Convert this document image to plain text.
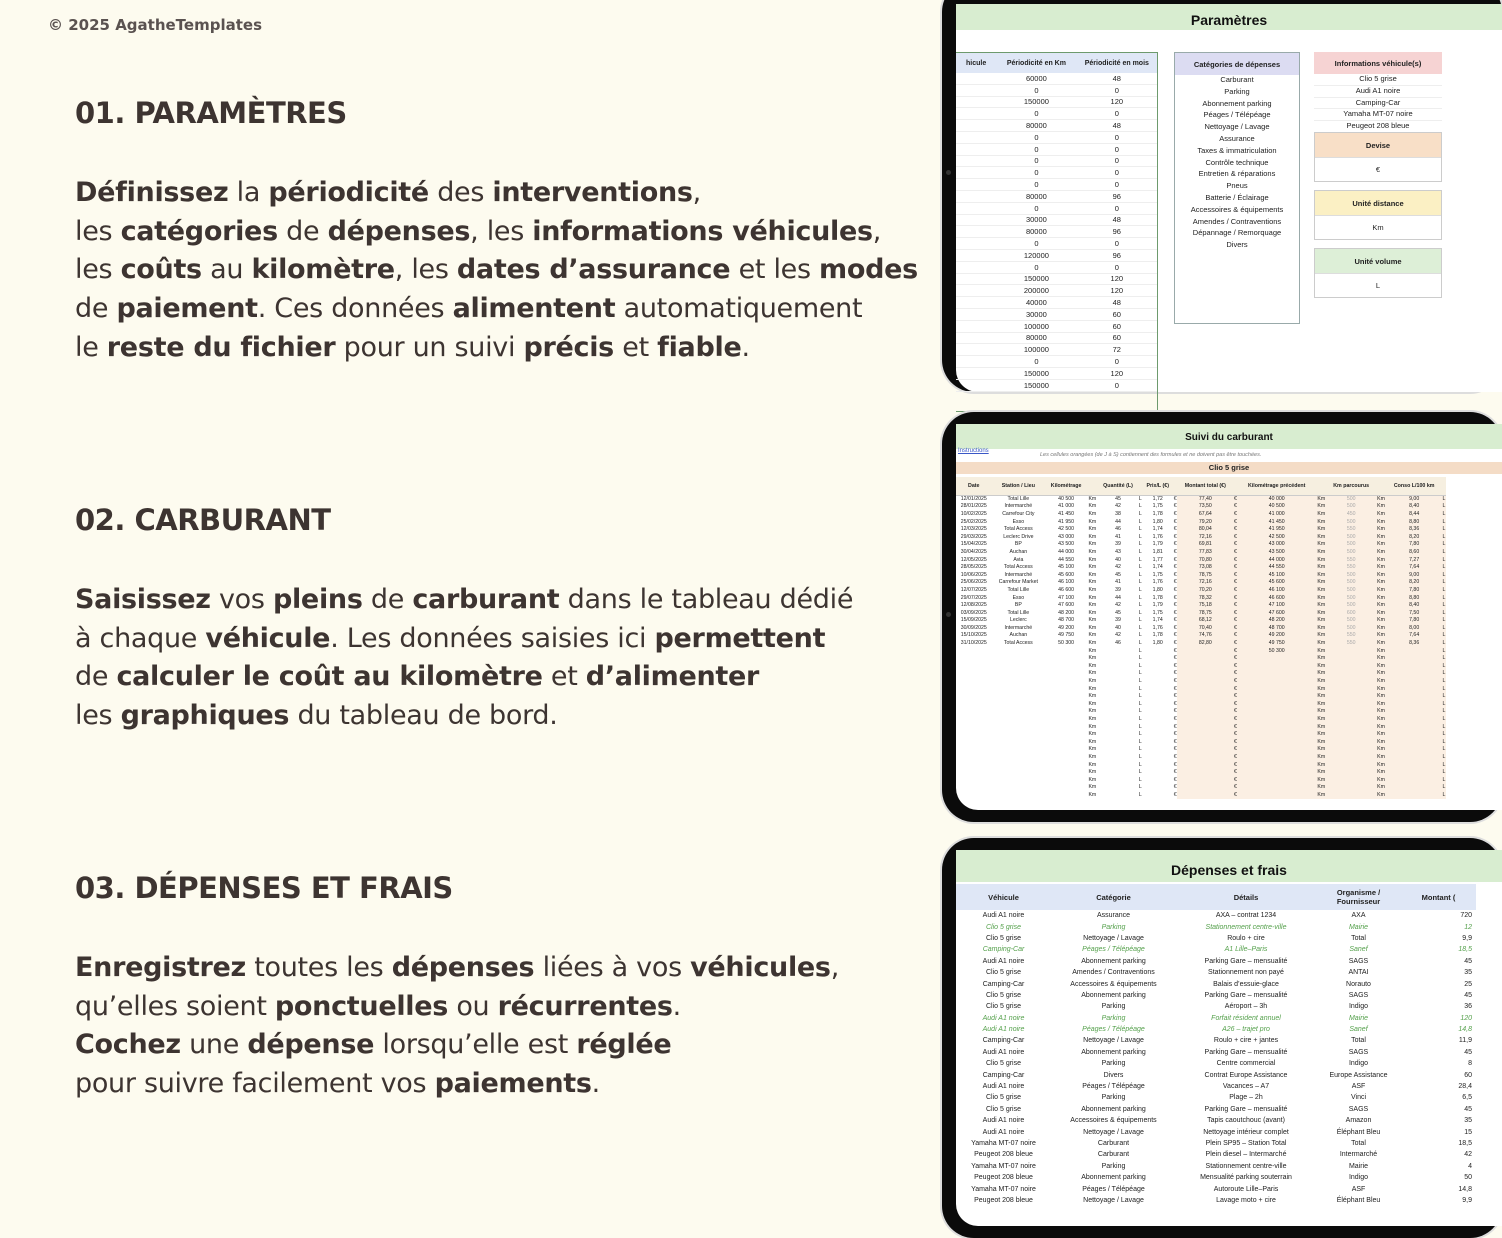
© 2025 AgatheTemplates
01. PARAMÈTRES
Définissez la périodicité des interventions,
les catégories de dépenses, les informations véhicules,
les coûts au kilomètre, les dates d’assurance et les modes
de paiement. Ces données alimentent automatiquement
le reste du fichier pour un suivi précis et fiable.
02. CARBURANT
Saisissez vos pleins de carburant dans le tableau dédié
à chaque véhicule. Les données saisies ici permettent
de calculer le coût au kilomètre et d’alimenter
les graphiques du tableau de bord.
03. DÉPENSES ET FRAIS
Enregistrez toutes les dépenses liées à vos véhicules,
qu’elles soient ponctuelles ou récurrentes.
Cochez une dépense lorsqu’elle est réglée
pour suivre facilement vos paiements.
Paramètres
hicule	Périodicité en Km	Périodicité en mois
60000	48
0	0
150000	120
0	0
80000	48
0	0
0	0
0	0
0	0
0	0
80000	96
0	0
30000	48
80000	96
0	0
120000	96
0	0
150000	120
200000	120
40000	48
30000	60
100000	60
80000	60
100000	72
0	0
150000	120
150000	0
Catégories de dépenses
Carburant
Parking
Abonnement parking
Péages / Télépéage
Nettoyage / Lavage
Assurance
Taxes & immatriculation
Contrôle technique
Entretien & réparations
Pneus
Batterie / Éclairage
Accessoires & équipements
Amendes / Contraventions
Dépannage / Remorquage
Divers
Informations véhicule(s)
Clio 5 grise
Audi A1 noire
Camping-Car
Yamaha MT-07 noire
Peugeot 208 bleue
Devise
€
Unité distance
Km
Unité volume
L
Suivi du carburant
Instructions
Les cellules orangées (de J à S) contiennent des formules et ne doivent pas être touchées.
Clio 5 grise
Date	Station / Lieu	Kilométrage		Quantité (L)		Prix/L (€)		Montant total (€)		Kilométrage précédent		Km parcourus		Conso L/100 km	
12/01/2025	Total Lille	40 500	Km	45	L	1,72	€	77,40	€	40 000	Km	500	Km	9,00	L
28/01/2025	Intermarché	41 000	Km	42	L	1,75	€	73,50	€	40 500	Km	500	Km	8,40	L
10/02/2025	Carrefour City	41 450	Km	38	L	1,78	€	67,64	€	41 000	Km	450	Km	8,44	L
25/02/2025	Esso	41 950	Km	44	L	1,80	€	79,20	€	41 450	Km	500	Km	8,80	L
12/03/2025	Total Access	42 500	Km	46	L	1,74	€	80,04	€	41 950	Km	550	Km	8,36	L
29/03/2025	Leclerc Drive	43 000	Km	41	L	1,76	€	72,16	€	42 500	Km	500	Km	8,20	L
15/04/2025	BP	43 500	Km	39	L	1,79	€	69,81	€	43 000	Km	500	Km	7,80	L
30/04/2025	Auchan	44 000	Km	43	L	1,81	€	77,83	€	43 500	Km	500	Km	8,60	L
12/05/2025	Avia	44 550	Km	40	L	1,77	€	70,80	€	44 000	Km	550	Km	7,27	L
28/05/2025	Total Access	45 100	Km	42	L	1,74	€	73,08	€	44 550	Km	550	Km	7,64	L
10/06/2025	Intermarché	45 600	Km	45	L	1,75	€	78,75	€	45 100	Km	500	Km	9,00	L
25/06/2025	Carrefour Market	46 100	Km	41	L	1,76	€	72,16	€	45 600	Km	500	Km	8,20	L
12/07/2025	Total Lille	46 600	Km	39	L	1,80	€	70,20	€	46 100	Km	500	Km	7,80	L
29/07/2025	Esso	47 100	Km	44	L	1,78	€	78,32	€	46 600	Km	500	Km	8,80	L
12/08/2025	BP	47 600	Km	42	L	1,79	€	75,18	€	47 100	Km	500	Km	8,40	L
03/09/2025	Total Lille	48 200	Km	45	L	1,75	€	78,75	€	47 600	Km	600	Km	7,50	L
15/09/2025	Leclerc	48 700	Km	39	L	1,74	€	68,12	€	48 200	Km	500	Km	7,80	L
30/09/2025	Intermarché	49 200	Km	40	L	1,76	€	70,40	€	48 700	Km	500	Km	8,00	L
15/10/2025	Auchan	49 750	Km	42	L	1,78	€	74,76	€	49 200	Km	550	Km	7,64	L
31/10/2025	Total Access	50 300	Km	46	L	1,80	€	82,80	€	49 750	Km	550	Km	8,36	L
			Km		L		€		€	50 300	Km		Km		L
			Km		L		€		€		Km		Km		L
			Km		L		€		€		Km		Km		L
			Km		L		€		€		Km		Km		L
			Km		L		€		€		Km		Km		L
			Km		L		€		€		Km		Km		L
			Km		L		€		€		Km		Km		L
			Km		L		€		€		Km		Km		L
			Km		L		€		€		Km		Km		L
			Km		L		€		€		Km		Km		L
			Km		L		€		€		Km		Km		L
			Km		L		€		€		Km		Km		L
			Km		L		€		€		Km		Km		L
			Km		L		€		€		Km		Km		L
			Km		L		€		€		Km		Km		L
			Km		L		€		€		Km		Km		L
			Km		L		€		€		Km		Km		L
			Km		L		€		€		Km		Km		L
			Km		L		€		€		Km		Km		L
			Km		L		€		€		Km		Km		L
Dépenses et frais
Véhicule	Catégorie	Détails	Organisme / Fournisseur	Montant (
Audi A1 noire	Assurance	AXA – contrat 1234	AXA	720
Clio 5 grise	Parking	Stationnement centre-ville	Mairie	12
Clio 5 grise	Nettoyage / Lavage	Roulo + cire	Total	9,9
Camping-Car	Péages / Télépéage	A1 Lille–Paris	Sanef	18,5
Audi A1 noire	Abonnement parking	Parking Gare – mensualité	SAGS	45
Clio 5 grise	Amendes / Contraventions	Stationnement non payé	ANTAI	35
Camping-Car	Accessoires & équipements	Balais d’essuie-glace	Norauto	25
Clio 5 grise	Abonnement parking	Parking Gare – mensualité	SAGS	45
Clio 5 grise	Parking	Aéroport – 3h	Indigo	36
Audi A1 noire	Parking	Forfait résident annuel	Mairie	120
Audi A1 noire	Péages / Télépéage	A26 – trajet pro	Sanef	14,8
Camping-Car	Nettoyage / Lavage	Roulo + cire + jantes	Total	11,9
Audi A1 noire	Abonnement parking	Parking Gare – mensualité	SAGS	45
Clio 5 grise	Parking	Centre commercial	Indigo	8
Camping-Car	Divers	Contrat Europe Assistance	Europe Assistance	60
Audi A1 noire	Péages / Télépéage	Vacances – A7	ASF	28,4
Clio 5 grise	Parking	Plage – 2h	Vinci	6,5
Clio 5 grise	Abonnement parking	Parking Gare – mensualité	SAGS	45
Audi A1 noire	Accessoires & équipements	Tapis caoutchouc (avant)	Amazon	35
Audi A1 noire	Nettoyage / Lavage	Nettoyage intérieur complet	Éléphant Bleu	15
Yamaha MT-07 noire	Carburant	Plein SP95 – Station Total	Total	18,5
Peugeot 208 bleue	Carburant	Plein diesel – Intermarché	Intermarché	42
Yamaha MT-07 noire	Parking	Stationnement centre-ville	Mairie	4
Peugeot 208 bleue	Abonnement parking	Mensualité parking souterrain	Indigo	50
Yamaha MT-07 noire	Péages / Télépéage	Autoroute Lille–Paris	ASF	14,8
Peugeot 208 bleue	Nettoyage / Lavage	Lavage moto + cire	Éléphant Bleu	9,9
